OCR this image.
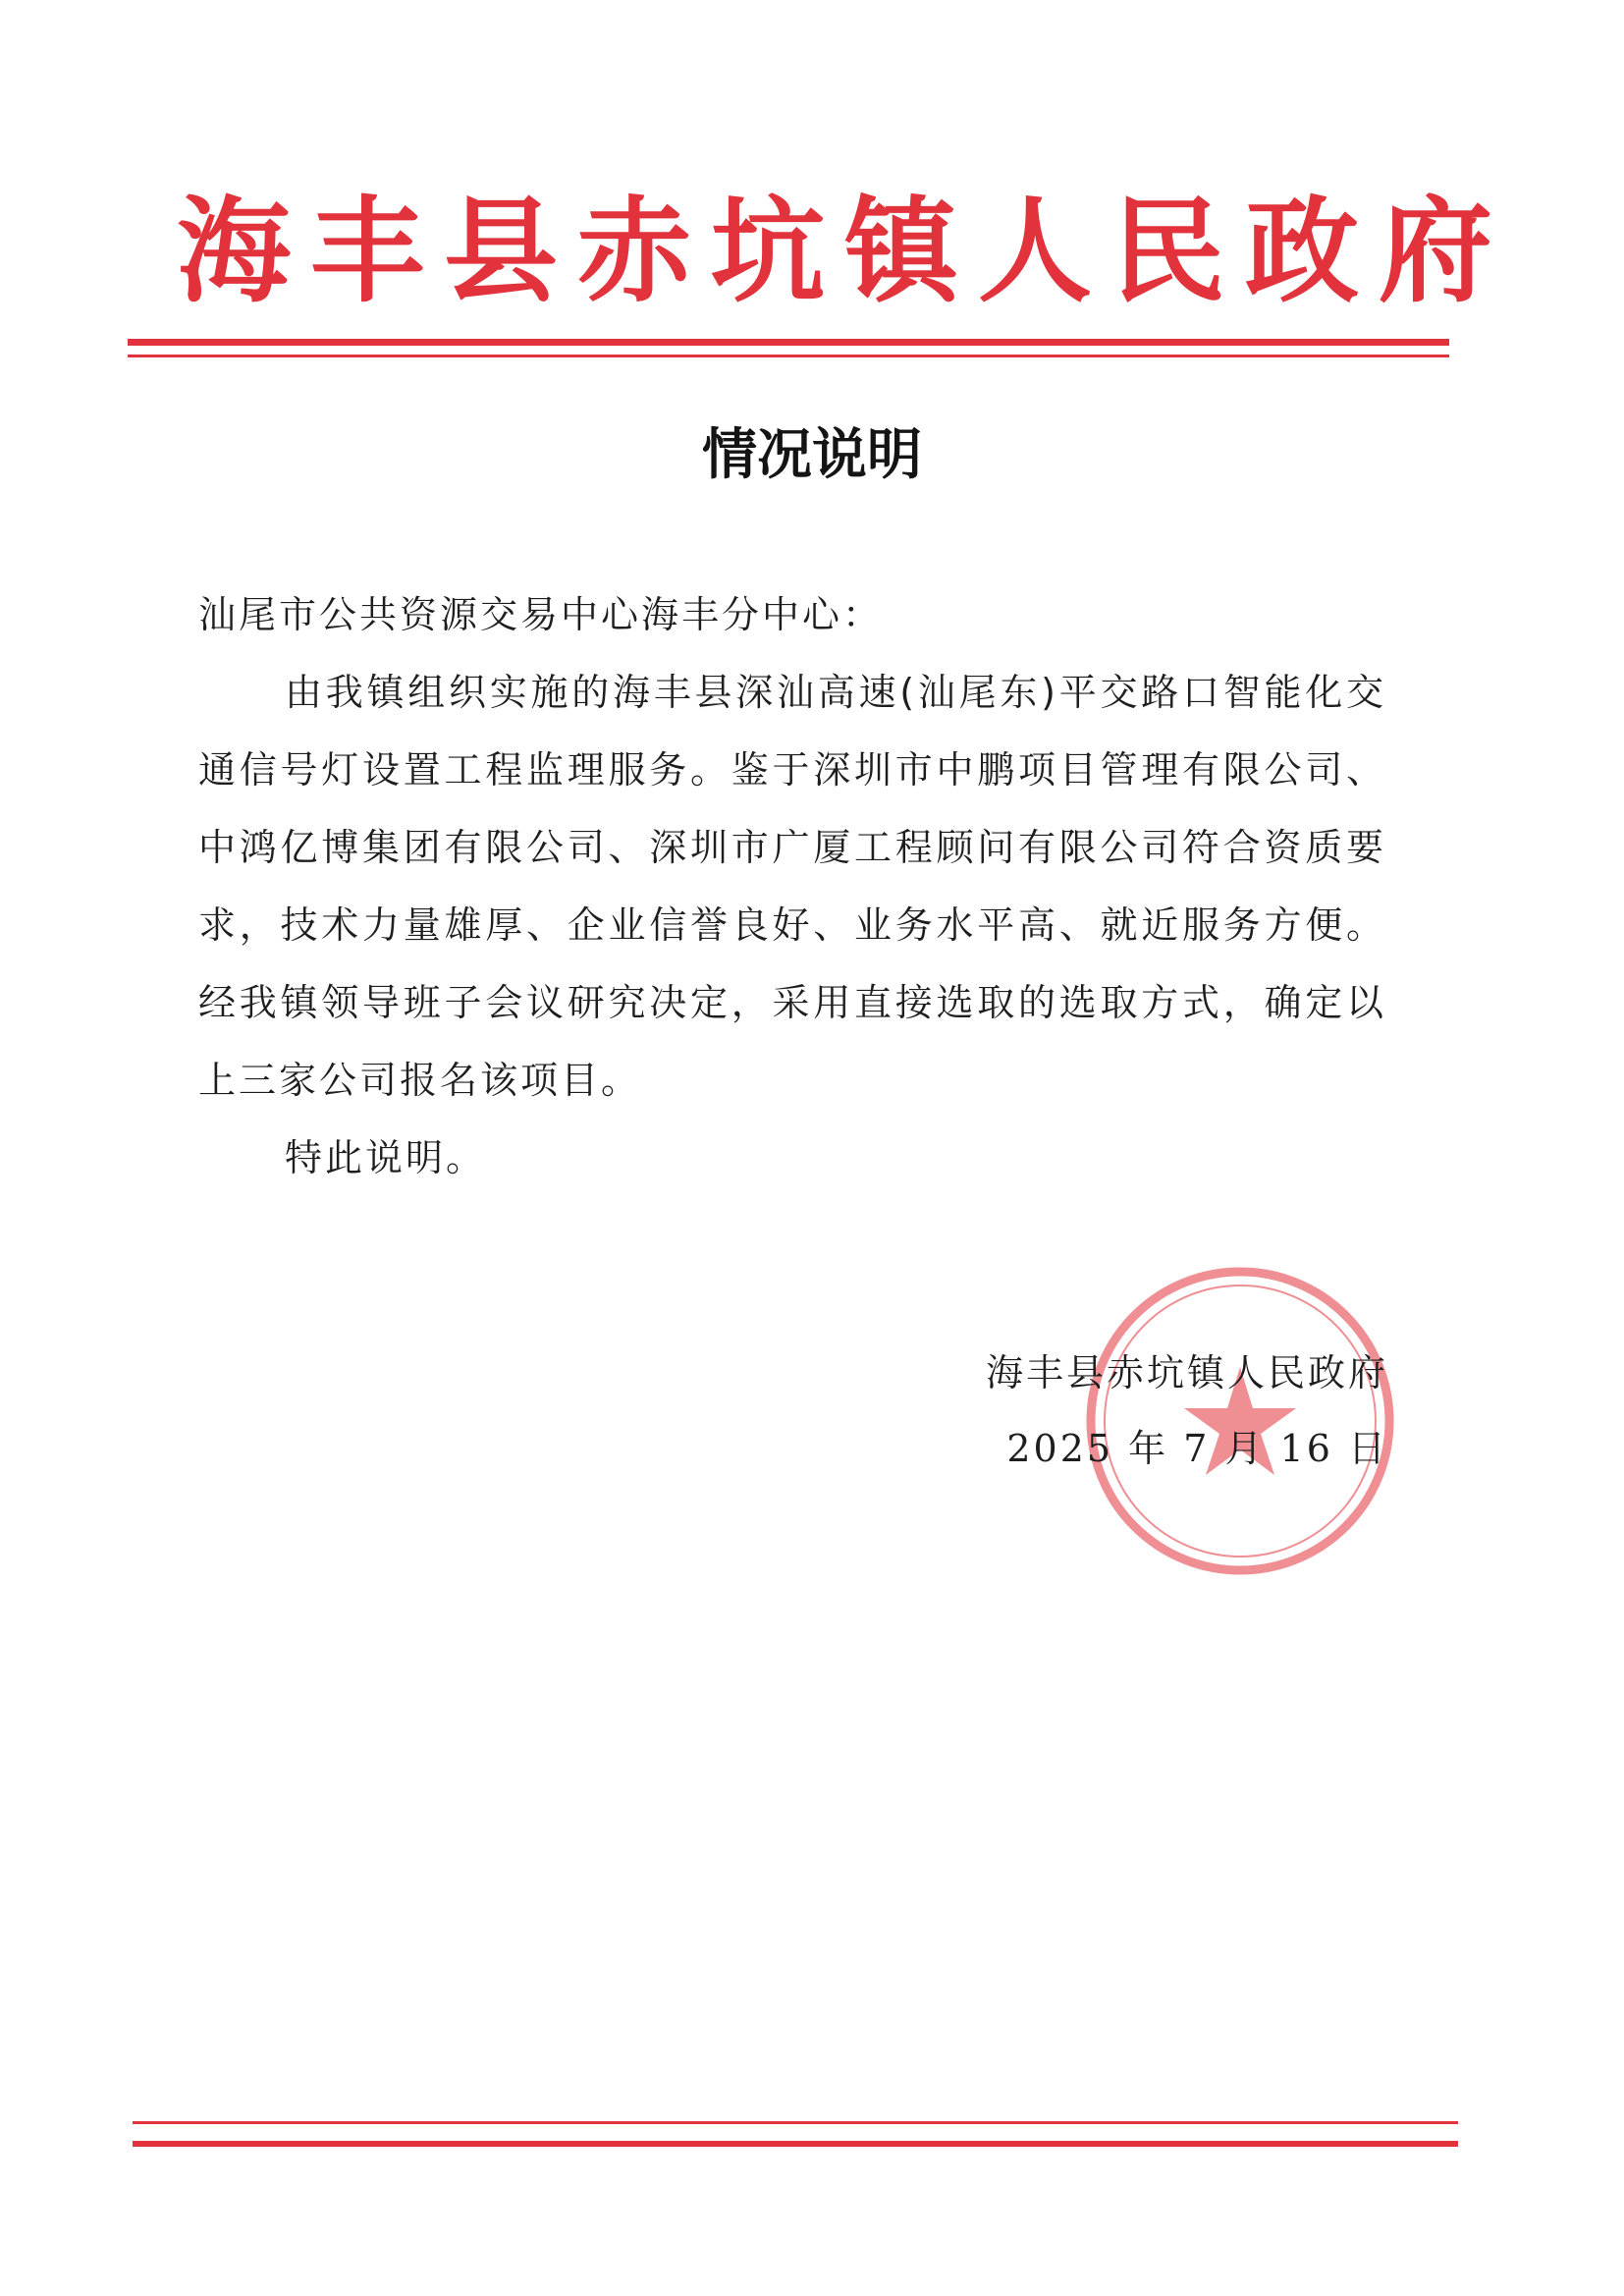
海丰县赤坑镇人民政府
情况说明
汕尾市公共资源交易中心海丰分中心：
由我镇组织实施的海丰县深汕高速(汕尾东)平交路口智能化交通信号灯设置工程监理服务。鉴于深圳市中鹏项目管理有限公司、中鸿亿博集团有限公司、深圳市广厦工程顾问有限公司符合资质要求，技术力量雄厚、企业信誉良好、业务水平高、就近服务方便。经我镇领导班子会议研究决定，采用直接选取的选取方式，确定以上三家公司报名该项目。
特此说明。
海丰县赤坑镇人民政府
2025 年 7 月 16 日
